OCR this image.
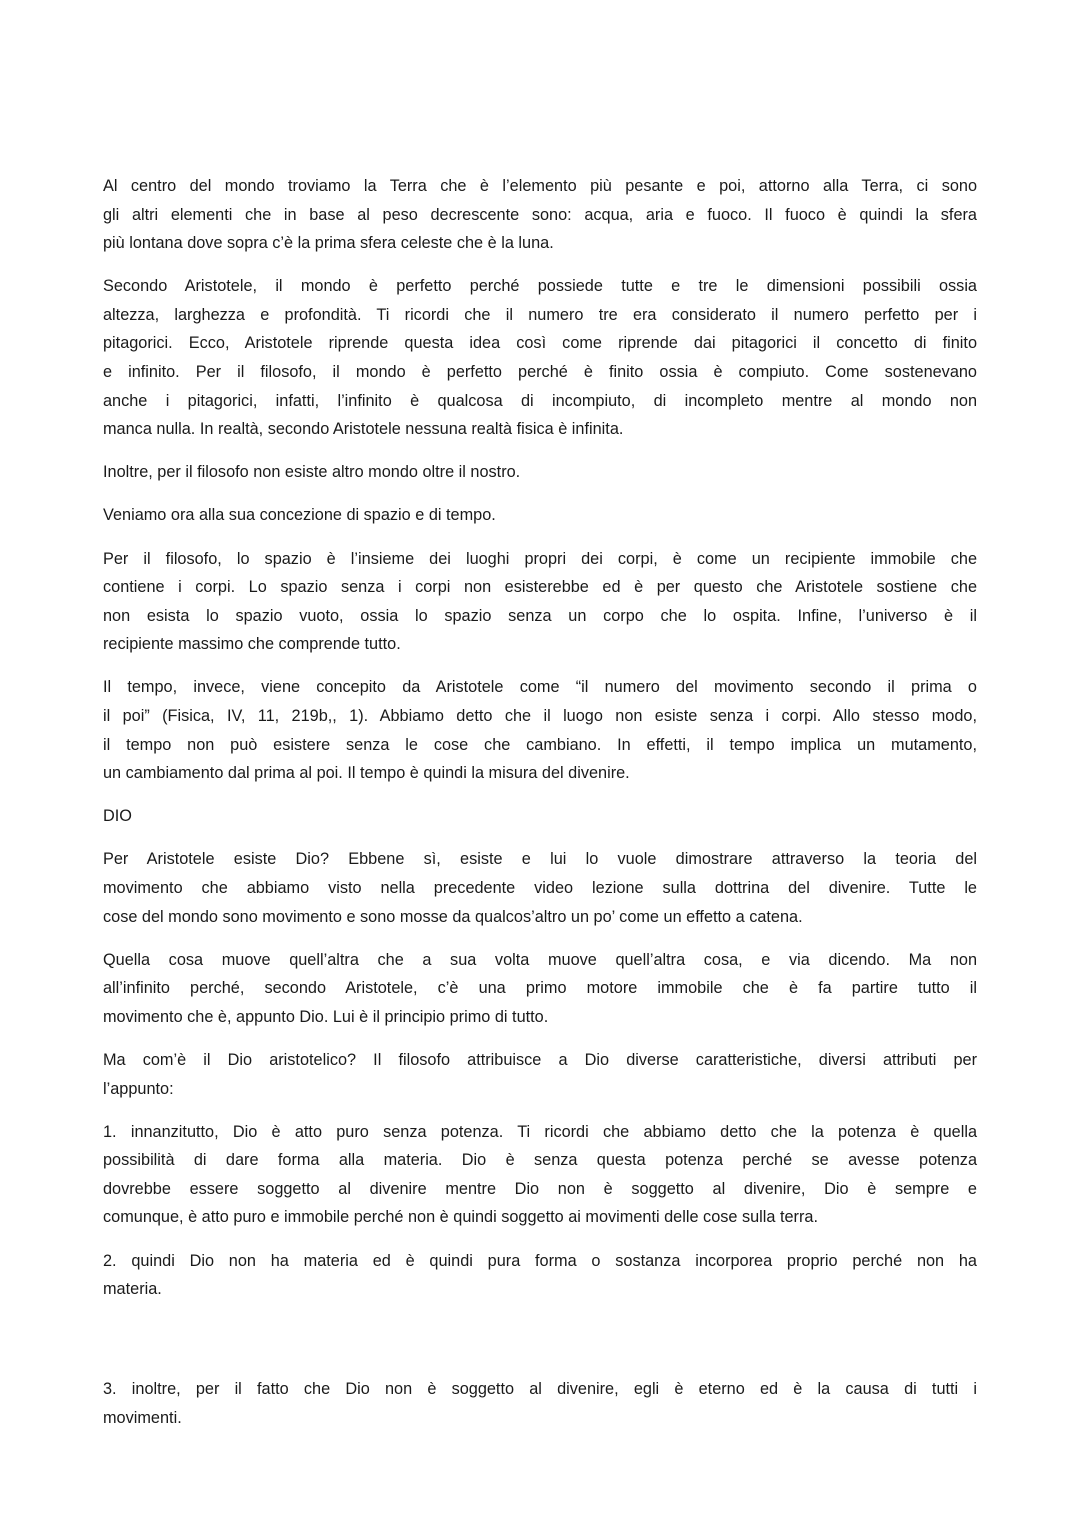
Al centro del mondo troviamo la Terra che è l’elemento più pesante e poi, attorno alla Terra, ci sono
gli altri elementi che in base al peso decrescente sono: acqua, aria e fuoco. Il fuoco è quindi la sfera
più lontana dove sopra c’è la prima sfera celeste che è la luna.
Secondo Aristotele, il mondo è perfetto perché possiede tutte e tre le dimensioni possibili ossia
altezza, larghezza e profondità. Ti ricordi che il numero tre era considerato il numero perfetto per i
pitagorici. Ecco, Aristotele riprende questa idea così come riprende dai pitagorici il concetto di finito
e infinito. Per il filosofo, il mondo è perfetto perché è finito ossia è compiuto. Come sostenevano
anche i pitagorici, infatti, l’infinito è qualcosa di incompiuto, di incompleto mentre al mondo non
manca nulla. In realtà, secondo Aristotele nessuna realtà fisica è infinita.
Inoltre, per il filosofo non esiste altro mondo oltre il nostro.
Veniamo ora alla sua concezione di spazio e di tempo.
Per il filosofo, lo spazio è l’insieme dei luoghi propri dei corpi, è come un recipiente immobile che
contiene i corpi. Lo spazio senza i corpi non esisterebbe ed è per questo che Aristotele sostiene che
non esista lo spazio vuoto, ossia lo spazio senza un corpo che lo ospita. Infine, l’universo è il
recipiente massimo che comprende tutto.
Il tempo, invece, viene concepito da Aristotele come “il numero del movimento secondo il prima o
il poi” (Fisica, IV, 11, 219b,, 1). Abbiamo detto che il luogo non esiste senza i corpi. Allo stesso modo,
il tempo non può esistere senza le cose che cambiano. In effetti, il tempo implica un mutamento,
un cambiamento dal prima al poi. Il tempo è quindi la misura del divenire.
DIO
Per Aristotele esiste Dio? Ebbene sì, esiste e lui lo vuole dimostrare attraverso la teoria del
movimento che abbiamo visto nella precedente video lezione sulla dottrina del divenire. Tutte le
cose del mondo sono movimento e sono mosse da qualcos’altro un po’ come un effetto a catena.
Quella cosa muove quell’altra che a sua volta muove quell’altra cosa, e via dicendo. Ma non
all’infinito perché, secondo Aristotele, c’è una primo motore immobile che è fa partire tutto il
movimento che è, appunto Dio. Lui è il principio primo di tutto.
Ma com’è il Dio aristotelico? Il filosofo attribuisce a Dio diverse caratteristiche, diversi attributi per
l’appunto:
1. innanzitutto, Dio è atto puro senza potenza. Ti ricordi che abbiamo detto che la potenza è quella
possibilità di dare forma alla materia. Dio è senza questa potenza perché se avesse potenza
dovrebbe essere soggetto al divenire mentre Dio non è soggetto al divenire, Dio è sempre e
comunque, è atto puro e immobile perché non è quindi soggetto ai movimenti delle cose sulla terra.
2. quindi Dio non ha materia ed è quindi pura forma o sostanza incorporea proprio perché non ha
materia.
3. inoltre, per il fatto che Dio non è soggetto al divenire, egli è eterno ed è la causa di tutti i
movimenti.
